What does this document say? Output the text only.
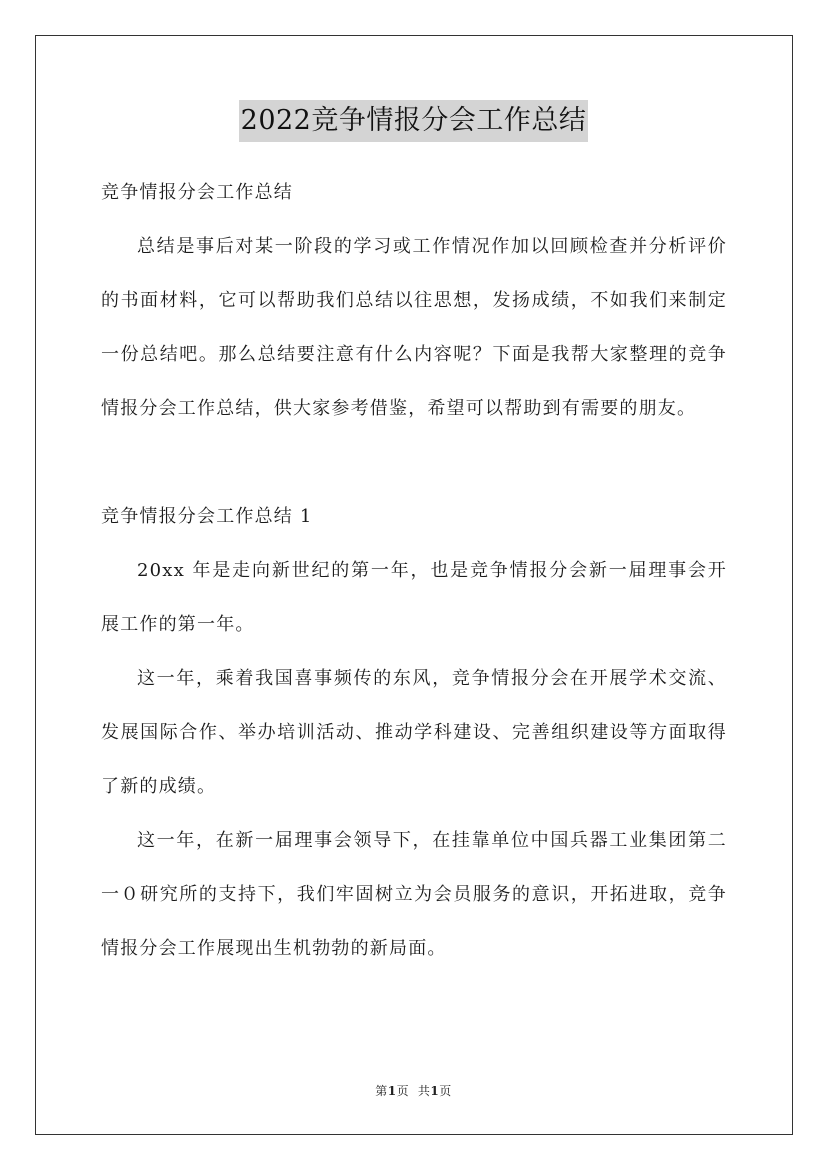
2022竞争情报分会工作总结

竞争情报分会工作总结

总结是事后对某一阶段的学习或工作情况作加以回顾检查并分析评价的书面材料，它可以帮助我们总结以往思想，发扬成绩，不如我们来制定一份总结吧。那么总结要注意有什么内容呢？下面是我帮大家整理的竞争情报分会工作总结，供大家参考借鉴，希望可以帮助到有需要的朋友。

竞争情报分会工作总结 1

20xx 年是走向新世纪的第一年，也是竞争情报分会新一届理事会开展工作的第一年。

这一年，乘着我国喜事频传的东风，竞争情报分会在开展学术交流、发展国际合作、举办培训活动、推动学科建设、完善组织建设等方面取得了新的成绩。

这一年，在新一届理事会领导下，在挂靠单位中国兵器工业集团第二一０研究所的支持下，我们牢固树立为会员服务的意识，开拓进取，竞争情报分会工作展现出生机勃勃的新局面。

第1页 共1页
